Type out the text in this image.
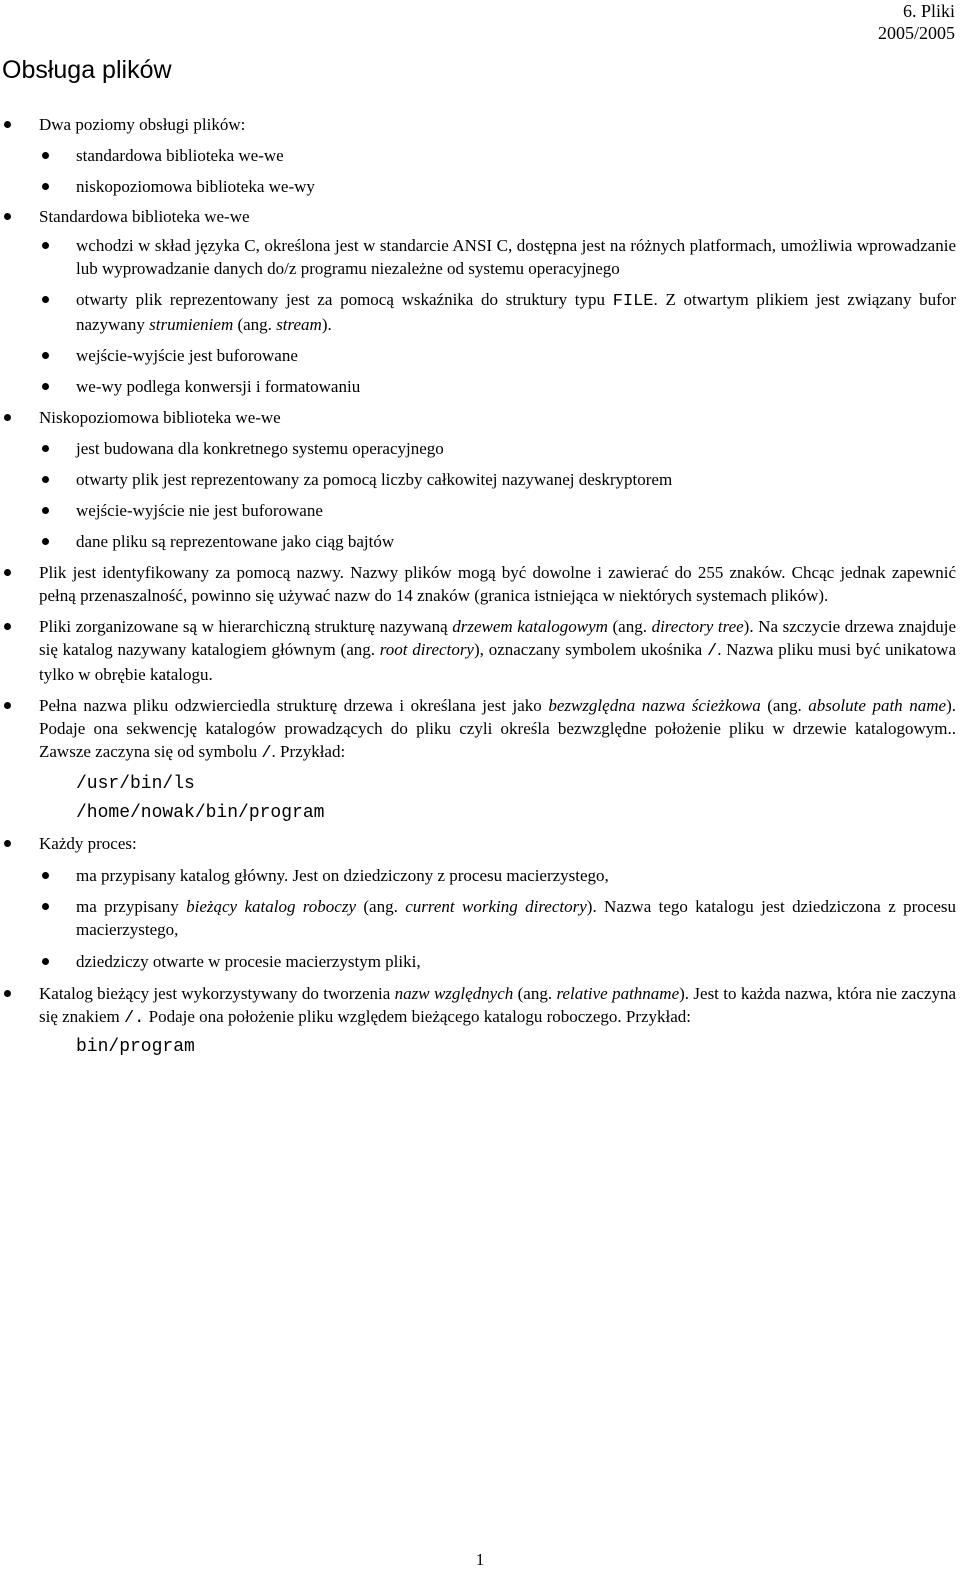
6. Pliki
2005/2005
Obsługa plików

Dwa poziomy obsługi plików:

standardowa biblioteka we-we

niskopoziomowa biblioteka we-wy

Standardowa biblioteka we-we

wchodzi w skład języka C, określona jest w standarcie ANSI C, dostępna jest na różnych platformach, umożliwia wprowadzanie lub wyprowadzanie danych do/z programu niezależne od systemu operacyjnego

otwarty plik reprezentowany jest za pomocą wskaźnika do struktury typu FILE. Z otwartym plikiem jest związany bufor nazywany strumieniem (ang. stream).

wejście-wyjście jest buforowane

we-wy podlega konwersji i formatowaniu

Niskopoziomowa biblioteka we-we

jest budowana dla konkretnego systemu operacyjnego

otwarty plik jest reprezentowany za pomocą liczby całkowitej nazywanej deskryptorem

wejście-wyjście nie jest buforowane

dane pliku są reprezentowane jako ciąg bajtów

Plik jest identyfikowany za pomocą nazwy. Nazwy plików mogą być dowolne i zawierać do 255 znaków. Chcąc jednak zapewnić pełną przenaszalność, powinno się używać nazw do 14 znaków (granica istniejąca w niektórych systemach plików).

Pliki zorganizowane są w hierarchiczną strukturę nazywaną drzewem katalogowym (ang. directory tree). Na szczycie drzewa znajduje się katalog nazywany katalogiem głównym (ang. root directory), oznaczany symbolem ukośnika /. Nazwa pliku musi być unikatowa tylko w obrębie katalogu.

Pełna nazwa pliku odzwierciedla strukturę drzewa i określana jest jako bezwzględna nazwa ścieżkowa (ang. absolute path name). Podaje ona sekwencję katalogów prowadzących do pliku czyli określa bezwzględne położenie pliku w drzewie katalogowym.. Zawsze zaczyna się od symbolu /. Przykład:

/usr/bin/ls

/home/nowak/bin/program

Każdy proces:

ma przypisany katalog główny. Jest on dziedziczony z procesu macierzystego,

ma przypisany bieżący katalog roboczy (ang. current working directory). Nazwa tego katalogu jest dziedziczona z procesu macierzystego,

dziedziczy otwarte w procesie macierzystym pliki,

Katalog bieżący jest wykorzystywany do tworzenia nazw względnych (ang. relative pathname). Jest to każda nazwa, która nie zaczyna się znakiem /. Podaje ona położenie pliku względem bieżącego katalogu roboczego. Przykład:

bin/program

1
